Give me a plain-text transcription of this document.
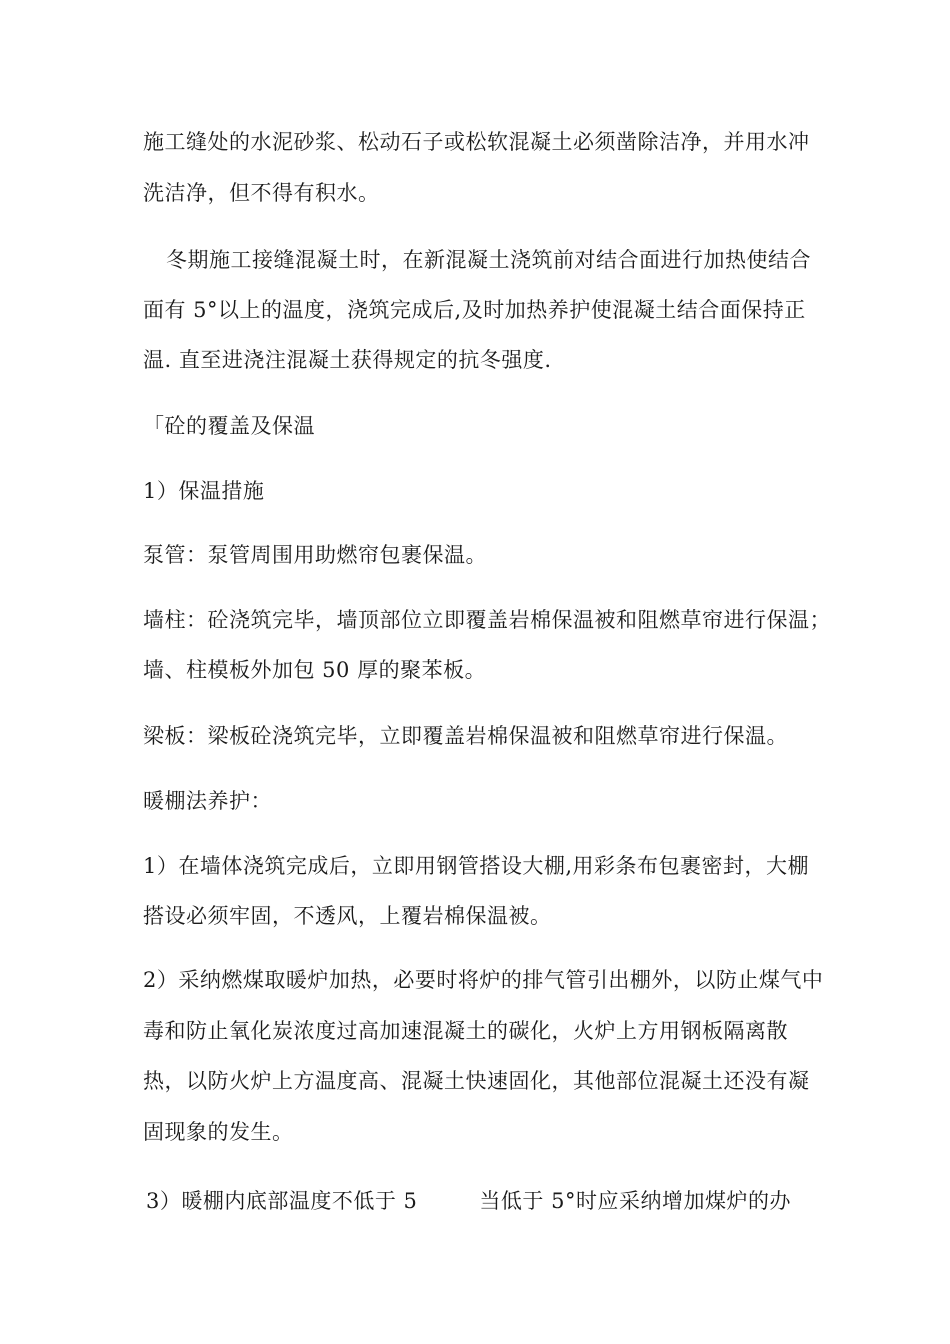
施工缝处的水泥砂浆、松动石子或松软混凝土必须凿除洁净，并用水冲
洗洁净，但不得有积水。
冬期施工接缝混凝土时，在新混凝土浇筑前对结合面进行加热使结合
面有 5°以上的温度，浇筑完成后,及时加热养护使混凝土结合面保持正
温. 直至进浇注混凝土获得规定的抗冬强度.
「砼的覆盖及保温
1）保温措施
泵管：泵管周围用助燃帘包裹保温。
墙柱：砼浇筑完毕，墙顶部位立即覆盖岩棉保温被和阻燃草帘进行保温；
墙、柱模板外加包 50 厚的聚苯板。
梁板：梁板砼浇筑完毕，立即覆盖岩棉保温被和阻燃草帘进行保温。
暖棚法养护：
1）在墙体浇筑完成后，立即用钢管搭设大棚,用彩条布包裹密封，大棚
搭设必须牢固，不透风，上覆岩棉保温被。
2）采纳燃煤取暖炉加热，必要时将炉的排气管引出棚外，以防止煤气中
毒和防止氧化炭浓度过高加速混凝土的碳化，火炉上方用钢板隔离散
热，以防火炉上方温度高、混凝土快速固化，其他部位混凝土还没有凝
固现象的发生。
3）暖棚内底部温度不低于 5	当低于 5°时应采纳增加煤炉的办
